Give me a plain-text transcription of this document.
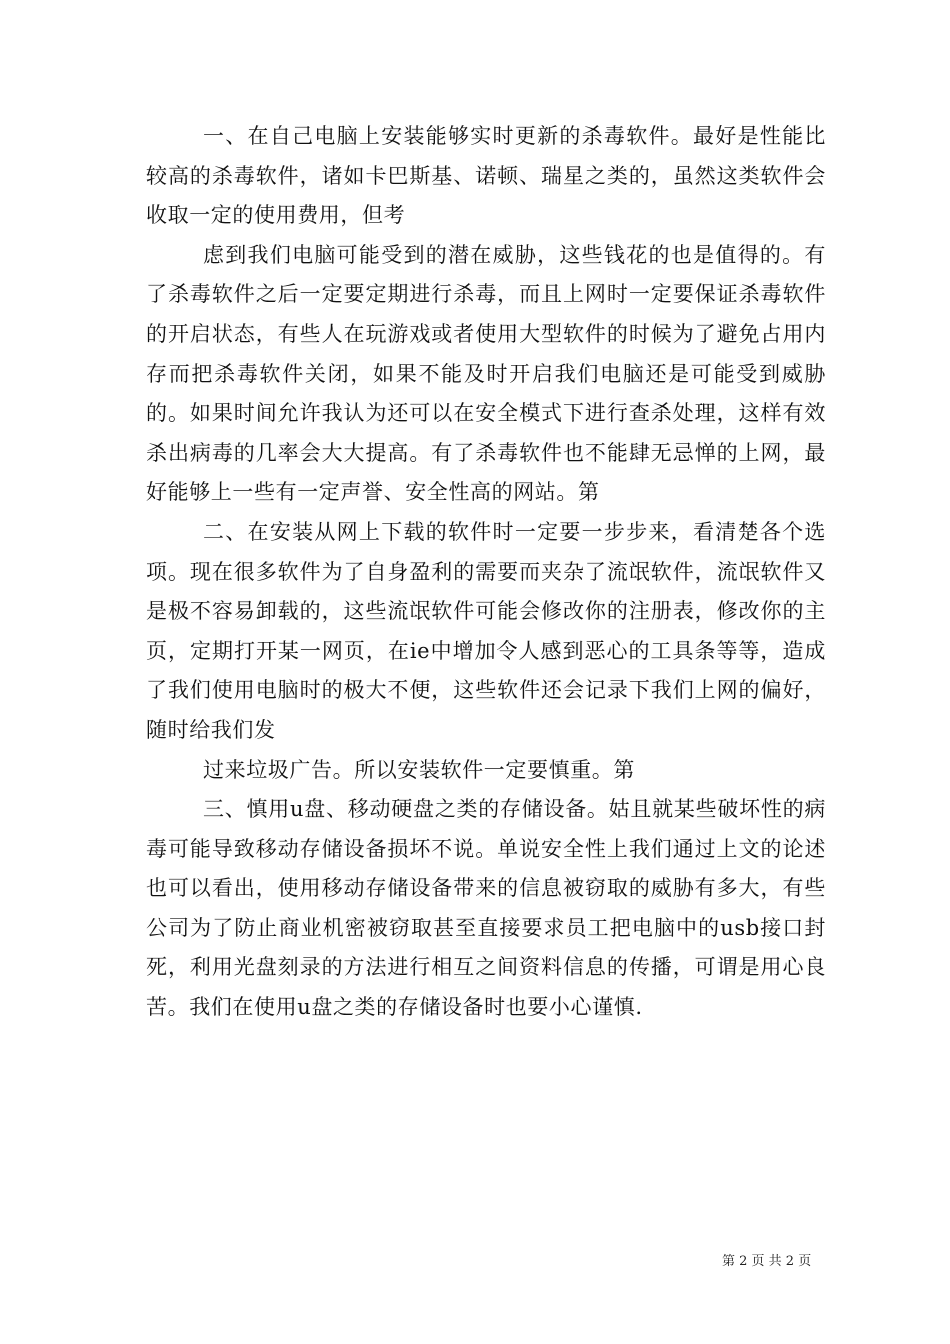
一、在自己电脑上安装能够实时更新的杀毒软件。最好是性能比较高的杀毒软件，诸如卡巴斯基、诺顿、瑞星之类的，虽然这类软件会收取一定的使用费用，但考

虑到我们电脑可能受到的潜在威胁，这些钱花的也是值得的。有了杀毒软件之后一定要定期进行杀毒，而且上网时一定要保证杀毒软件的开启状态，有些人在玩游戏或者使用大型软件的时候为了避免占用内存而把杀毒软件关闭，如果不能及时开启我们电脑还是可能受到威胁的。如果时间允许我认为还可以在安全模式下进行查杀处理，这样有效杀出病毒的几率会大大提高。有了杀毒软件也不能肆无忌惮的上网，最好能够上一些有一定声誉、安全性高的网站。第

二、在安装从网上下载的软件时一定要一步步来，看清楚各个选项。现在很多软件为了自身盈利的需要而夹杂了流氓软件，流氓软件又是极不容易卸载的，这些流氓软件可能会修改你的注册表，修改你的主页，定期打开某一网页，在ie中增加令人感到恶心的工具条等等，造成了我们使用电脑时的极大不便，这些软件还会记录下我们上网的偏好，随时给我们发

过来垃圾广告。所以安装软件一定要慎重。第

三、慎用u盘、移动硬盘之类的存储设备。姑且就某些破坏性的病毒可能导致移动存储设备损坏不说。单说安全性上我们通过上文的论述也可以看出，使用移动存储设备带来的信息被窃取的威胁有多大，有些公司为了防止商业机密被窃取甚至直接要求员工把电脑中的usb接口封死，利用光盘刻录的方法进行相互之间资料信息的传播，可谓是用心良苦。我们在使用u盘之类的存储设备时也要小心谨慎.

第 2 页 共 2 页
